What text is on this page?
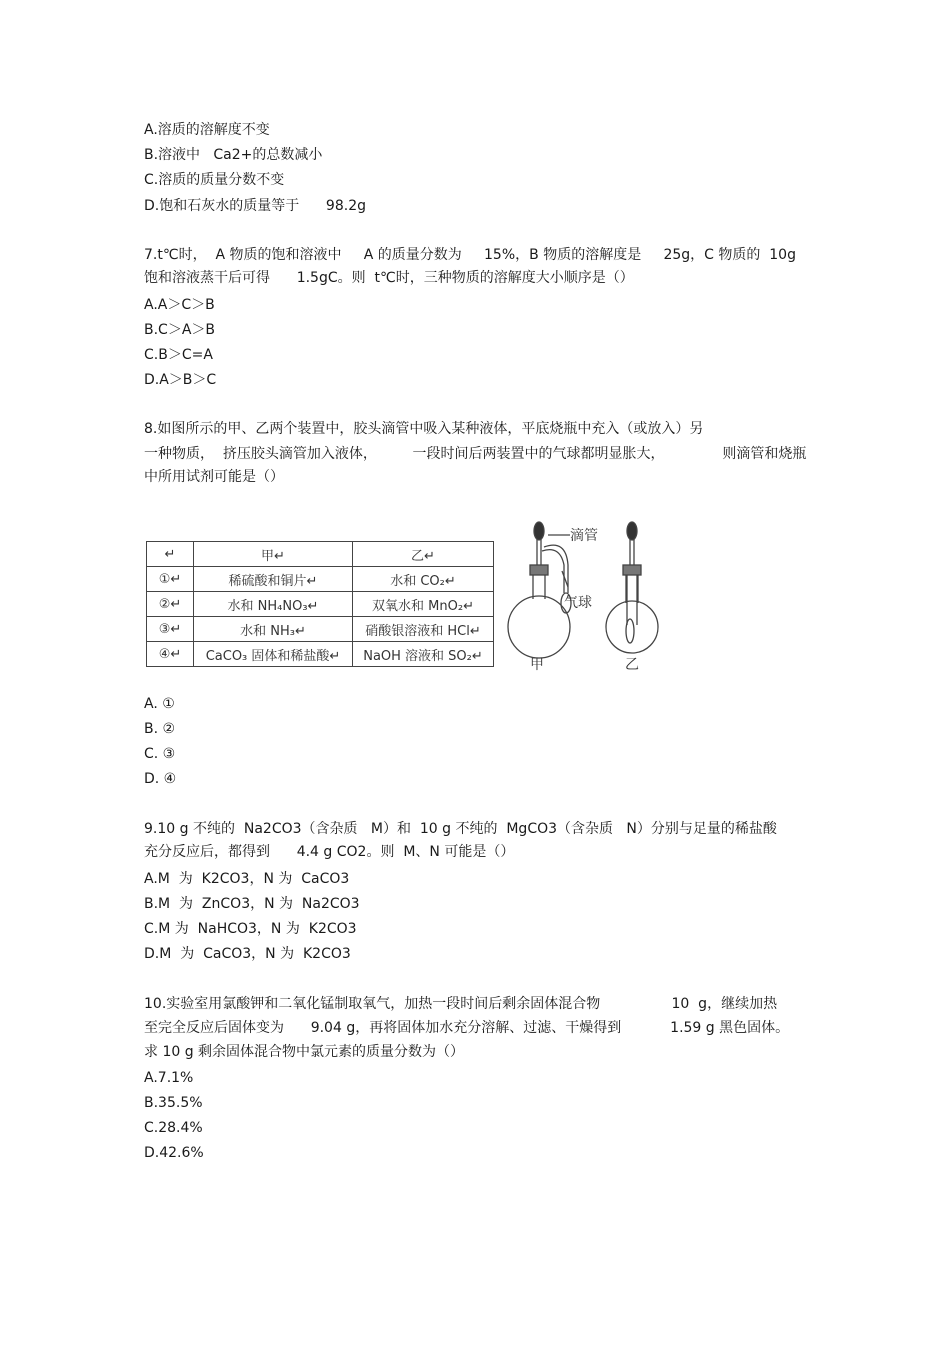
A.溶质的溶解度不变
B.溶液中   Ca2+的总数减小
C.溶质的质量分数不变
D.饱和石灰水的质量等于      98.2g
7.t℃时，  A 物质的饱和溶液中     A 的质量分数为     15%，B 物质的溶解度是     25g，C 物质的  10g
饱和溶液蒸干后可得      1.5gC。则  t℃时，三种物质的溶解度大小顺序是（）
A.A＞C＞B
B.C＞A＞B
C.B＞C=A
D.A＞B＞C
8.如图所示的甲、乙两个装置中，胶头滴管中吸入某种液体，平底烧瓶中充入（或放入）另
一种物质，  挤压胶头滴管加入液体，        一段时间后两装置中的气球都明显胀大，             则滴管和烧瓶
中所用试剂可能是（）
↵	甲↵	乙↵
①↵	稀硫酸和铜片↵	水和 CO₂↵
②↵	水和 NH₄NO₃↵	双氧水和 MnO₂↵
③↵	水和 NH₃↵	硝酸银溶液和 HCl↵
④↵	CaCO₃ 固体和稀盐酸↵	NaOH 溶液和 SO₂↵
滴管
气球
甲	乙
A. ①
B. ②
C. ③
D. ④
9.10 g 不纯的  Na2CO3（含杂质   M）和  10 g 不纯的  MgCO3（含杂质   N）分别与足量的稀盐酸
充分反应后，都得到      4.4 g CO2。则  M、N 可能是（）
A.M  为  K2CO3，N 为  CaCO3
B.M  为  ZnCO3，N 为  Na2CO3
C.M 为  NaHCO3，N 为  K2CO3
D.M  为  CaCO3，N 为  K2CO3
10.实验室用氯酸钾和二氧化锰制取氧气，加热一段时间后剩余固体混合物                10  g，继续加热
至完全反应后固体变为      9.04 g，再将固体加水充分溶解、过滤、干燥得到           1.59 g 黑色固体。
求 10 g 剩余固体混合物中氯元素的质量分数为（）
A.7.1%
B.35.5%
C.28.4%
D.42.6%
